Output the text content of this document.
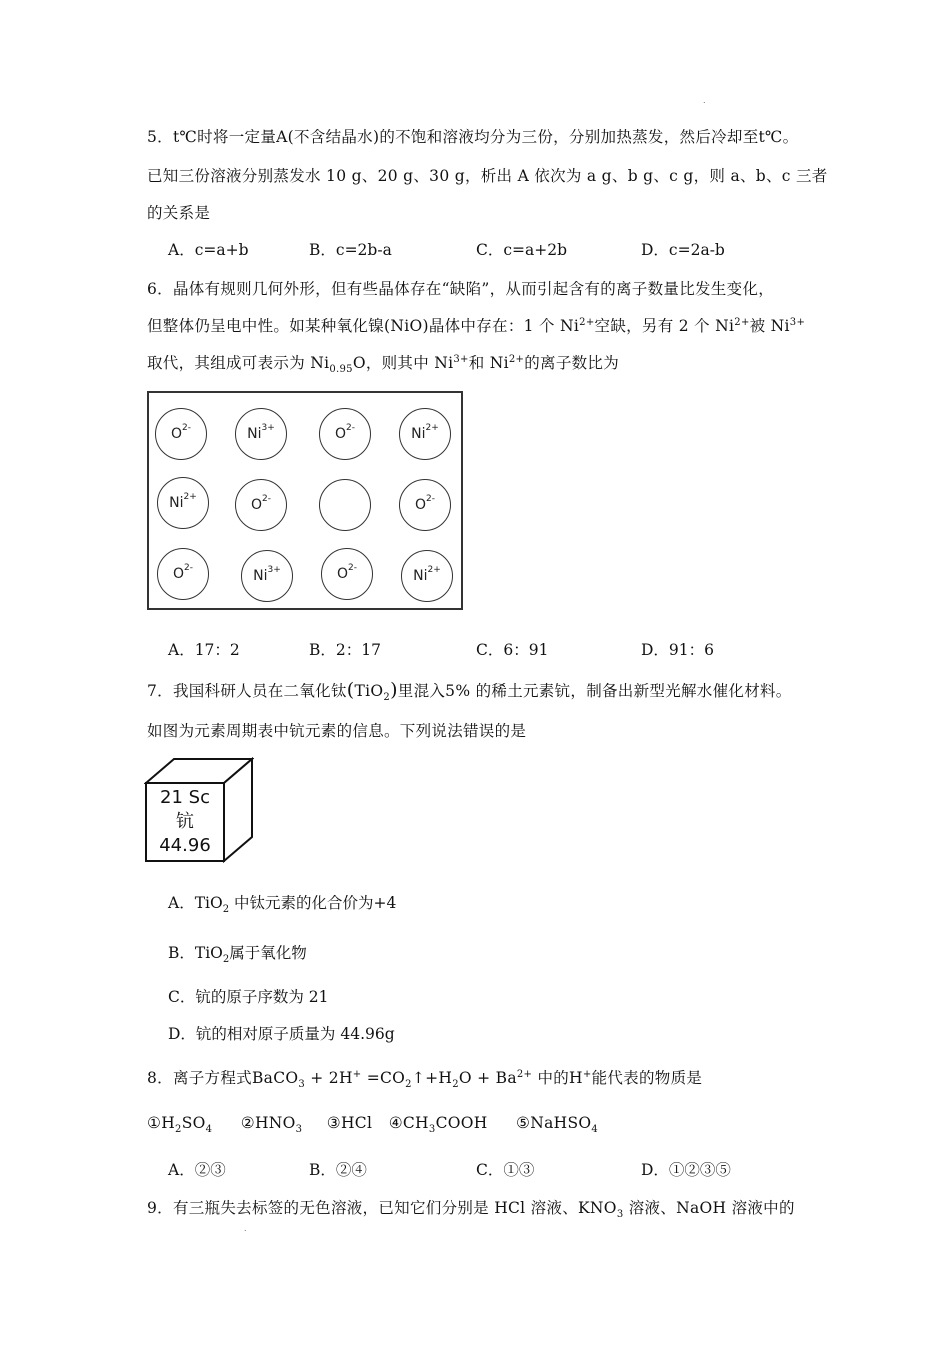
.
5．t℃时将一定量A(不含结晶水)的不饱和溶液均分为三份，分别加热蒸发，然后冷却至t℃。
已知三份溶液分别蒸发水 10 g、20 g、30 g，析出 A 依次为 a g、b g、c g，则 a、b、c 三者
的关系是
A．c=a+b	B．c=2b-a	C．c=a+2b	D．c=2a-b
6．晶体有规则几何外形，但有些晶体存在“缺陷”，从而引起含有的离子数量比发生变化，
但整体仍呈电中性。如某种氧化镍(NiO)晶体中存在：1 个 $Ni^{2+}$空缺，另有 2 个 $Ni^{2+}$被 $Ni^{3+}$
取代，其组成可表示为 $Ni_{0.95}O$，则其中 $Ni^{3+}$和 $Ni^{2+}$的离子数比为
$O^{2-}$	$Ni^{3+}$	$O^{2-}$	$Ni^{2+}$
$Ni^{2+}$
$O^{2-}$	$O^{2-}$
$O^{2-}$
$Ni^{3+}$	$O^{2-}$
$Ni^{2+}$
A．17：2	B．2：17	C．6：91	D．91：6
7．我国科研人员在二氧化钛(TiO$_2$)里混入5% 的稀土元素钪，制备出新型光解水催化材料。
如图为元素周期表中钪元素的信息。下列说法错误的是
21 Sc
钪
44.96
A．TiO$_2$ 中钛元素的化合价为+4
B．TiO$_2$属于氧化物
C．钪的原子序数为 21
D．钪的相对原子质量为 44.96g
8．离子方程式BaCO$_3$ + $2H^+ =CO_2↑+H_2O + Ba^{2+}$ 中的H+能代表的物质是
$①H_2SO_4$ $②HNO_3$ ③HCl $④CH_3COOH$ ⑤NaHSO$_4$
A．②③	B．②④	C．①③	D．①②③⑤
9．有三瓶失去标签的无色溶液，已知它们分别是 HCl 溶液、$KNO_3$ 溶液、NaOH 溶液中的
.
